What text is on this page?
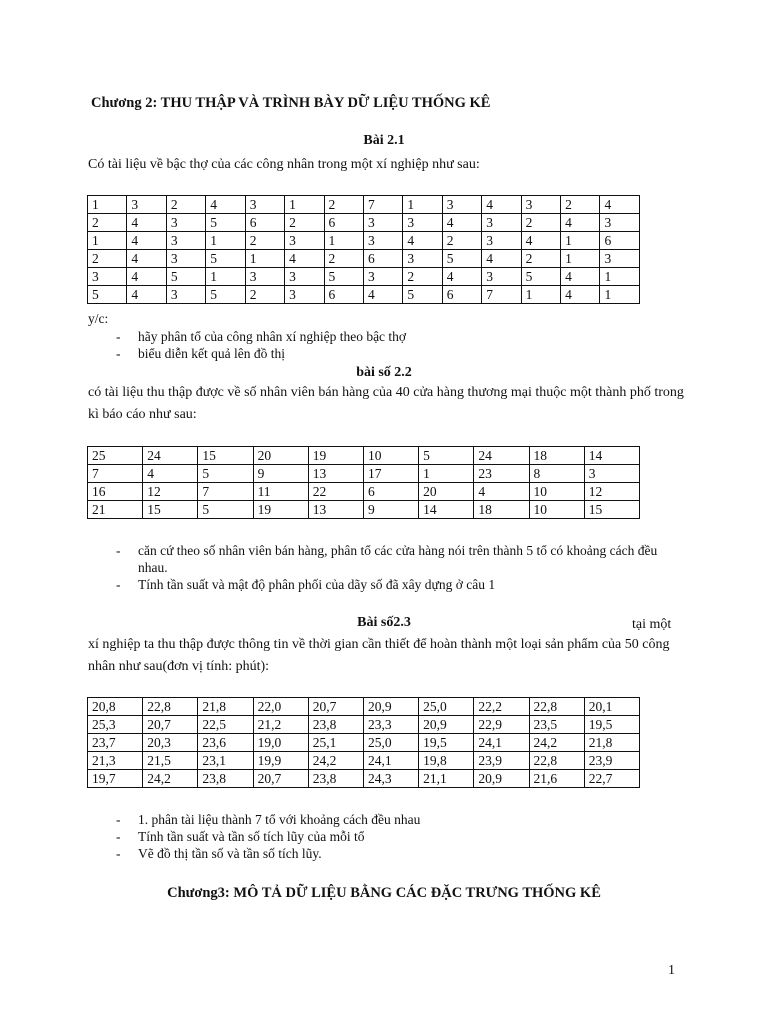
Chương 2: THU THẬP VÀ TRÌNH BÀY DỮ LIỆU THỐNG KÊ
Bài 2.1
Có tài liệu về bậc thợ của các công nhân trong một xí nghiệp như sau:
1	3	2	4	3	1	2	7	1	3	4	3	2	4
2	4	3	5	6	2	6	3	3	4	3	2	4	3
1	4	3	1	2	3	1	3	4	2	3	4	1	6
2	4	3	5	1	4	2	6	3	5	4	2	1	3
3	4	5	1	3	3	5	3	2	4	3	5	4	1
5	4	3	5	2	3	6	4	5	6	7	1	4	1
y/c:
- hãy phân tổ của công nhân xí nghiệp theo bậc thợ
- biểu diễn kết quả lên đồ thị
bài số 2.2
có tài liệu thu thập được về số nhân viên bán hàng của 40 cửa hàng thương mại thuộc một thành phố trong kì báo cáo như sau:
25	24	15	20	19	10	5	24	18	14
7	4	5	9	13	17	1	23	8	3
16	12	7	11	22	6	20	4	10	12
21	15	5	19	13	9	14	18	10	15
- căn cứ theo số nhân viên bán hàng, phân tổ các cửa hàng nói trên thành 5 tổ có khoảng cách đều nhau.
- Tính tần suất và mật độ phân phối của dãy số đã xây dựng ở câu 1
Bài số2.3	tại một
xí nghiệp ta thu thập được thông tin về thời gian cần thiết để hoàn thành một loại sản phẩm của 50 công nhân như sau(đơn vị tính: phút):
20,8	22,8	21,8	22,0	20,7	20,9	25,0	22,2	22,8	20,1
25,3	20,7	22,5	21,2	23,8	23,3	20,9	22,9	23,5	19,5
23,7	20,3	23,6	19,0	25,1	25,0	19,5	24,1	24,2	21,8
21,3	21,5	23,1	19,9	24,2	24,1	19,8	23,9	22,8	23,9
19,7	24,2	23,8	20,7	23,8	24,3	21,1	20,9	21,6	22,7
- 1. phân tài liệu thành 7 tổ với khoảng cách đều nhau
- Tính tần suất và tần số tích lũy của mỗi tổ
- Vẽ đồ thị tần số và tần số tích lũy.
Chương3: MÔ TẢ DỮ LIỆU BẰNG CÁC ĐẶC TRƯNG THỐNG KÊ
1
